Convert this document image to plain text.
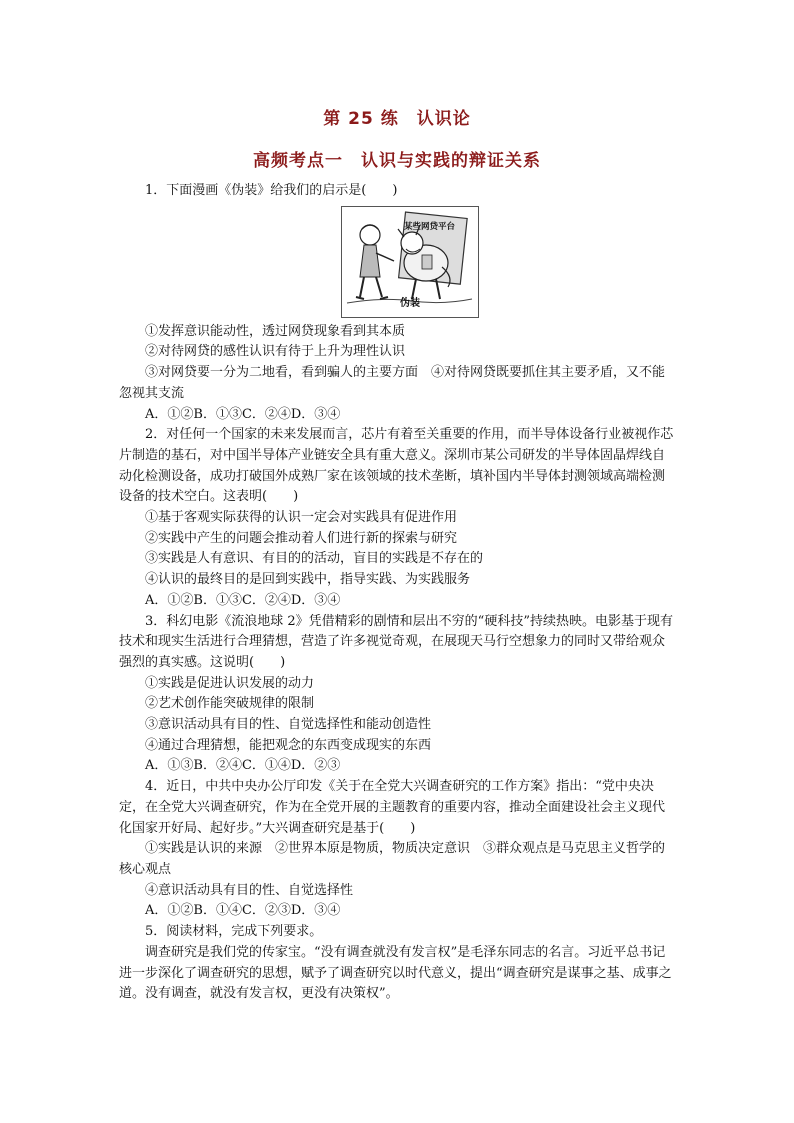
第 25 练　认识论
高频考点一　认识与实践的辩证关系

1．下面漫画《伪装》给我们的启示是(　　)

某些网贷平台
伪装

①发挥意识能动性，透过网贷现象看到其本质

②对待网贷的感性认识有待于上升为理性认识

③对网贷要一分为二地看，看到骗人的主要方面　④对待网贷既要抓住其主要矛盾，又不能忽视其支流

A．①②B．①③C．②④D．③④

2．对任何一个国家的未来发展而言，芯片有着至关重要的作用，而半导体设备行业被视作芯片制造的基石，对中国半导体产业链安全具有重大意义。深圳市某公司研发的半导体固晶焊线自动化检测设备，成功打破国外成熟厂家在该领域的技术垄断，填补国内半导体封测领域高端检测设备的技术空白。这表明(　　)

①基于客观实际获得的认识一定会对实践具有促进作用

②实践中产生的问题会推动着人们进行新的探索与研究

③实践是人有意识、有目的的活动，盲目的实践是不存在的

④认识的最终目的是回到实践中，指导实践、为实践服务

A．①②B．①③C．②④D．③④

3．科幻电影《流浪地球 2》凭借精彩的剧情和层出不穷的“硬科技”持续热映。电影基于现有技术和现实生活进行合理猜想，营造了许多视觉奇观，在展现天马行空想象力的同时又带给观众强烈的真实感。这说明(　　)

①实践是促进认识发展的动力

②艺术创作能突破规律的限制

③意识活动具有目的性、自觉选择性和能动创造性

④通过合理猜想，能把观念的东西变成现实的东西

A．①③B．②④C．①④D．②③

4．近日，中共中央办公厅印发《关于在全党大兴调查研究的工作方案》指出：“党中央决定，在全党大兴调查研究，作为在全党开展的主题教育的重要内容，推动全面建设社会主义现代化国家开好局、起好步。”大兴调查研究是基于(　　)

①实践是认识的来源　②世界本原是物质，物质决定意识　③群众观点是马克思主义哲学的核心观点

④意识活动具有目的性、自觉选择性

A．①②B．①④C．②③D．③④

5．阅读材料，完成下列要求。

调查研究是我们党的传家宝。“没有调查就没有发言权”是毛泽东同志的名言。习近平总书记进一步深化了调查研究的思想，赋予了调查研究以时代意义，提出“调查研究是谋事之基、成事之道。没有调查，就没有发言权，更没有决策权”。
